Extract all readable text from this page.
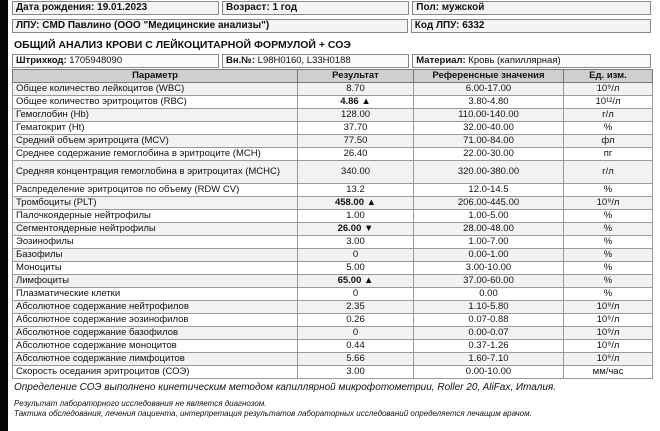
Дата рождения: 19.01.2023	Возраст: 1 год	Пол: мужской
ЛПУ: CMD Павлино (ООО "Медицинские анализы")	Код ЛПУ: 6332
ОБЩИЙ АНАЛИЗ КРОВИ С ЛЕЙКОЦИТАРНОЙ ФОРМУЛОЙ + СОЭ
Штрихкод: 1705948090	Вн.№: L98H0160, L33H0188	Материал: Кровь (капиллярная)
Параметр	Результат	Референсные значения	Ед. изм.
Общее количество лейкоцитов (WBC)	8.70	6.00-17.00	10⁹/л
Общее количество эритроцитов (RBC)	4.86 ▲	3.80-4.80	10¹²/л
Гемоглобин (Hb)	128.00	110.00-140.00	г/л
Гематокрит (Ht)	37.70	32.00-40.00	%
Средний объем эритроцита (MCV)	77.50	71.00-84.00	фл
Среднее содержание гемоглобина в эритроците (MCH)	26.40	22.00-30.00	пг
Средняя концентрация гемоглобина в эритроцитах (MCHC)	340.00	320.00-380.00	г/л
Распределение эритроцитов по объему (RDW CV)	13.2	12.0-14.5	%
Тромбоциты (PLT)	458.00 ▲	206.00-445.00	10⁹/л
Палочкоядерные нейтрофилы	1.00	1.00-5.00	%
Сегментоядерные нейтрофилы	26.00 ▼	28.00-48.00	%
Эозинофилы	3.00	1.00-7.00	%
Базофилы	0	0.00-1.00	%
Моноциты	5.00	3.00-10.00	%
Лимфоциты	65.00 ▲	37.00-60.00	%
Плазматические клетки	0	0.00	%
Абсолютное содержание нейтрофилов	2.35	1.10-5.80	10⁹/л
Абсолютное содержание эозинофилов	0.26	0.07-0.88	10⁹/л
Абсолютное содержание базофилов	0	0.00-0.07	10⁹/л
Абсолютное содержание моноцитов	0.44	0.37-1.26	10⁹/л
Абсолютное содержание лимфоцитов	5.66	1.60-7.10	10⁹/л
Скорость оседания эритроцитов (СОЭ)	3.00	0.00-10.00	мм/час
Определение СОЭ выполнено кинетическим методом капиллярной микрофотометрии, Roller 20, AliFax, Италия.
Результат лабораторного исследования не является диагнозом.
Тактика обследования, лечения пациента, интерпретация результатов лабораторных исследований определяется лечащим врачом.
